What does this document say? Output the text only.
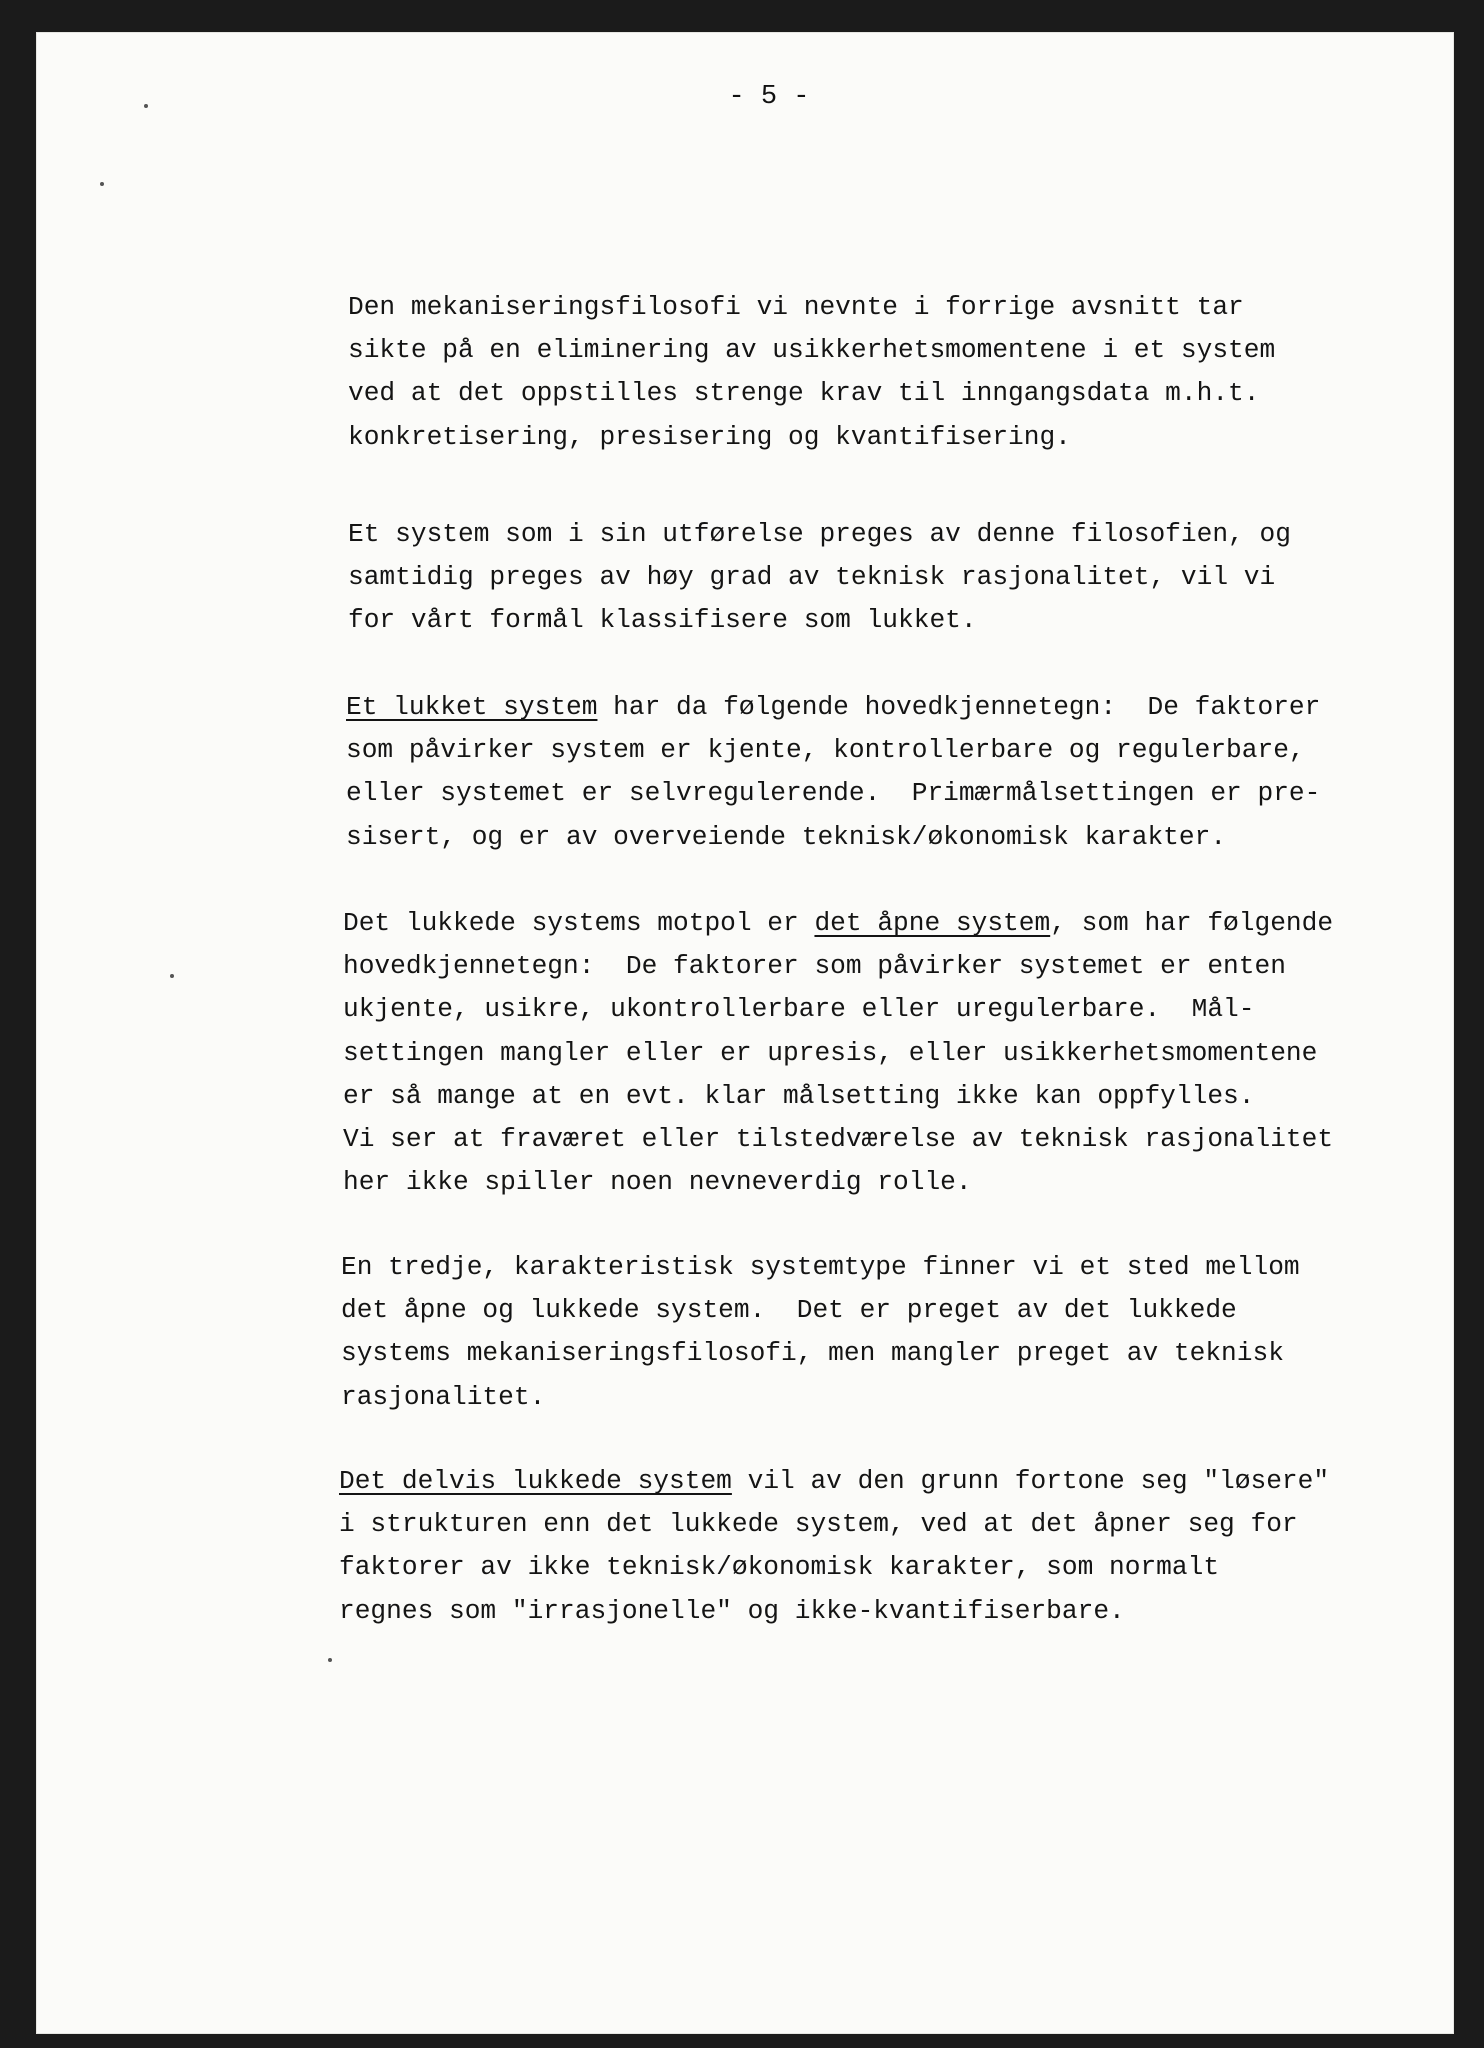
- 5 -
Den mekaniseringsfilosofi vi nevnte i forrige avsnitt tar
sikte på en eliminering av usikkerhetsmomentene i et system
ved at det oppstilles strenge krav til inngangsdata m.h.t.
konkretisering, presisering og kvantifisering.
Et system som i sin utførelse preges av denne filosofien, og
samtidig preges av høy grad av teknisk rasjonalitet, vil vi
for vårt formål klassifisere som lukket.
Et lukket system har da følgende hovedkjennetegn:  De faktorer
som påvirker system er kjente, kontrollerbare og regulerbare,
eller systemet er selvregulerende.  Primærmålsettingen er pre-
sisert, og er av overveiende teknisk/økonomisk karakter.
Det lukkede systems motpol er det åpne system, som har følgende
hovedkjennetegn:  De faktorer som påvirker systemet er enten
ukjente, usikre, ukontrollerbare eller uregulerbare.  Mål-
settingen mangler eller er upresis, eller usikkerhetsmomentene
er så mange at en evt. klar målsetting ikke kan oppfylles.
Vi ser at fraværet eller tilstedværelse av teknisk rasjonalitet
her ikke spiller noen nevneverdig rolle.
En tredje, karakteristisk systemtype finner vi et sted mellom
det åpne og lukkede system.  Det er preget av det lukkede
systems mekaniseringsfilosofi, men mangler preget av teknisk
rasjonalitet.
Det delvis lukkede system vil av den grunn fortone seg "løsere"
i strukturen enn det lukkede system, ved at det åpner seg for
faktorer av ikke teknisk/økonomisk karakter, som normalt
regnes som "irrasjonelle" og ikke-kvantifiserbare.
